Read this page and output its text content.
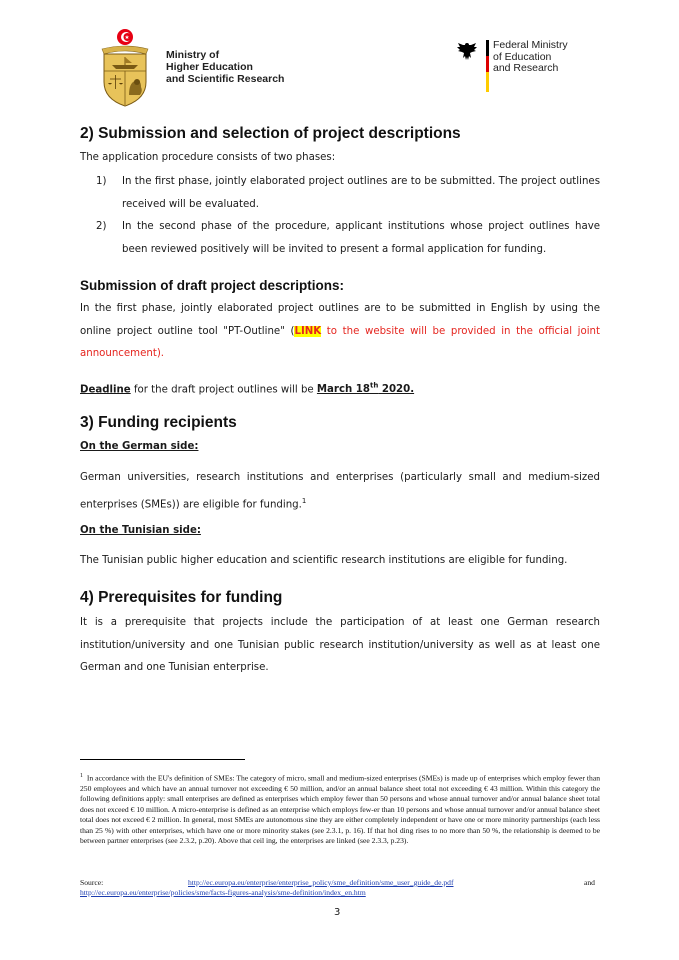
Ministry of
Higher Education
and Scientific Research
Federal Ministry
of Education
and Research
2) Submission and selection of project descriptions

The application procedure consists of two phases:

1) In the first phase, jointly elaborated project outlines are to be submitted. The project outlines received will be evaluated.
2) In the second phase of the procedure, applicant institutions whose project outlines have been reviewed positively will be invited to present a formal application for funding.
Submission of draft project descriptions:

In the first phase, jointly elaborated project outlines are to be submitted in English by using the online project outline tool "PT-Outline" (LINK to the website will be provided in the official joint announcement).

Deadline for the draft project outlines will be March 18th 2020.

3) Funding recipients

On the German side:

German universities, research institutions and enterprises (particularly small and medium-sized enterprises (SMEs)) are eligible for funding.$^1$

On the Tunisian side:

The Tunisian public higher education and scientific research institutions are eligible for funding.

4) Prerequisites for funding

It is a prerequisite that projects include the participation of at least one German research institution/university and one Tunisian public research institution/university as well as at least one German and one Tunisian enterprise.

$^1$ In accordance with the EU's definition of SMEs: The category of micro, small and medium-sized enterprises (SMEs) is made up of enterprises which employ fewer than 250 employees and which have an annual turnover not exceeding € 50 million, and/or an annual balance sheet total not exceeding € 43 million. Within this category the following definitions apply: small enterprises are defined as enterprises which employ fewer than 50 persons and whose annual turnover and/or annual balance sheet total does not exceed € 10 million. A micro-enterprise is defined as an enterprise which employs few-er than 10 persons and whose annual turnover and/or annual balance sheet total does not exceed € 2 million. In general, most SMEs are autonomous sine they are either completely independent or have one or more minority partnerships (each less than 25 %) with other enterprises, which have one or more minority stakes (see 2.3.1, p. 16). If that hol ding rises to no more than 50 %, the relationship is deemed to be between partner enterprises (see 2.3.2, p.20). Above that ceil ing, the enterprises are linked (see 2.3.3, p.23).
Source:	http://ec.europa.eu/enterprise/enterprise_policy/sme_definition/sme_user_guide_de.pdf	and
http://ec.europa.eu/enterprise/policies/sme/facts-figures-analysis/sme-definition/index_en.htm
3
